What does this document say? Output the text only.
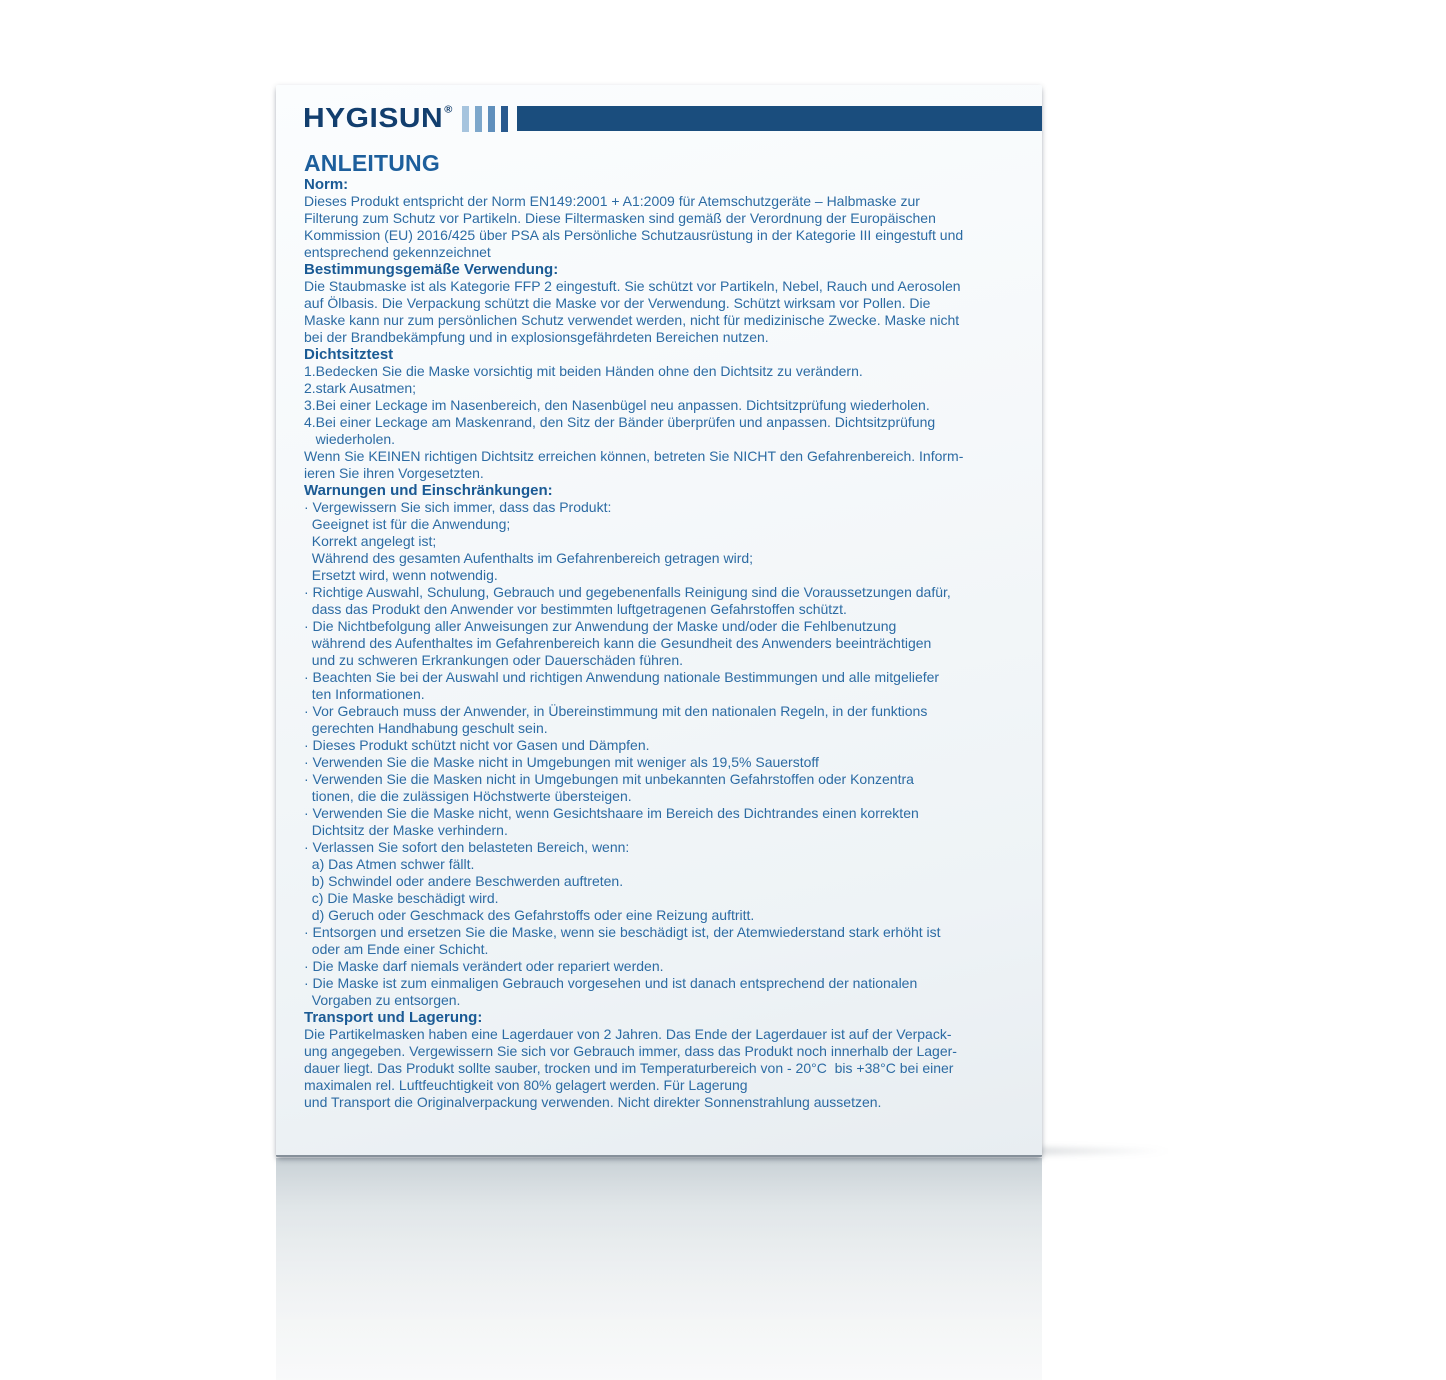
HYGISUN®
ANLEITUNG
Norm:
Dieses Produkt entspricht der Norm EN149:2001 + A1:2009 für Atemschutzgeräte – Halbmaske zur
Filterung zum Schutz vor Partikeln. Diese Filtermasken sind gemäß der Verordnung der Europäischen
Kommission (EU) 2016/425 über PSA als Persönliche Schutzausrüstung in der Kategorie III eingestuft und
entsprechend gekennzeichnet
Bestimmungsgemäße Verwendung:
Die Staubmaske ist als Kategorie FFP 2 eingestuft. Sie schützt vor Partikeln, Nebel, Rauch und Aerosolen
auf Ölbasis. Die Verpackung schützt die Maske vor der Verwendung. Schützt wirksam vor Pollen. Die
Maske kann nur zum persönlichen Schutz verwendet werden, nicht für medizinische Zwecke. Maske nicht
bei der Brandbekämpfung und in explosionsgefährdeten Bereichen nutzen.
Dichtsitztest
1.Bedecken Sie die Maske vorsichtig mit beiden Händen ohne den Dichtsitz zu verändern.
2.stark Ausatmen;
3.Bei einer Leckage im Nasenbereich, den Nasenbügel neu anpassen. Dichtsitzprüfung wiederholen.
4.Bei einer Leckage am Maskenrand, den Sitz der Bänder überprüfen und anpassen. Dichtsitzprüfung
wiederholen.
Wenn Sie KEINEN richtigen Dichtsitz erreichen können, betreten Sie NICHT den Gefahrenbereich. Inform-
ieren Sie ihren Vorgesetzten.
Warnungen und Einschränkungen:
· Vergewissern Sie sich immer, dass das Produkt:
Geeignet ist für die Anwendung;
Korrekt angelegt ist;
Während des gesamten Aufenthalts im Gefahrenbereich getragen wird;
Ersetzt wird, wenn notwendig.
· Richtige Auswahl, Schulung, Gebrauch und gegebenenfalls Reinigung sind die Voraussetzungen dafür,
dass das Produkt den Anwender vor bestimmten luftgetragenen Gefahrstoffen schützt.
· Die Nichtbefolgung aller Anweisungen zur Anwendung der Maske und/oder die Fehlbenutzung
während des Aufenthaltes im Gefahrenbereich kann die Gesundheit des Anwenders beeinträchtigen
und zu schweren Erkrankungen oder Dauerschäden führen.
· Beachten Sie bei der Auswahl und richtigen Anwendung nationale Bestimmungen und alle mitgeliefer
ten Informationen.
· Vor Gebrauch muss der Anwender, in Übereinstimmung mit den nationalen Regeln, in der funktions
gerechten Handhabung geschult sein.
· Dieses Produkt schützt nicht vor Gasen und Dämpfen.
· Verwenden Sie die Maske nicht in Umgebungen mit weniger als 19,5% Sauerstoff
· Verwenden Sie die Masken nicht in Umgebungen mit unbekannten Gefahrstoffen oder Konzentra
tionen, die die zulässigen Höchstwerte übersteigen.
· Verwenden Sie die Maske nicht, wenn Gesichtshaare im Bereich des Dichtrandes einen korrekten
Dichtsitz der Maske verhindern.
· Verlassen Sie sofort den belasteten Bereich, wenn:
a) Das Atmen schwer fällt.
b) Schwindel oder andere Beschwerden auftreten.
c) Die Maske beschädigt wird.
d) Geruch oder Geschmack des Gefahrstoffs oder eine Reizung auftritt.
· Entsorgen und ersetzen Sie die Maske, wenn sie beschädigt ist, der Atemwiederstand stark erhöht ist
oder am Ende einer Schicht.
· Die Maske darf niemals verändert oder repariert werden.
· Die Maske ist zum einmaligen Gebrauch vorgesehen und ist danach entsprechend der nationalen
Vorgaben zu entsorgen.
Transport und Lagerung:
Die Partikelmasken haben eine Lagerdauer von 2 Jahren. Das Ende der Lagerdauer ist auf der Verpack-
ung angegeben. Vergewissern Sie sich vor Gebrauch immer, dass das Produkt noch innerhalb der Lager-
dauer liegt. Das Produkt sollte sauber, trocken und im Temperaturbereich von - 20°C  bis +38°C bei einer
maximalen rel. Luftfeuchtigkeit von 80% gelagert werden. Für Lagerung
und Transport die Originalverpackung verwenden. Nicht direkter Sonnenstrahlung aussetzen.
